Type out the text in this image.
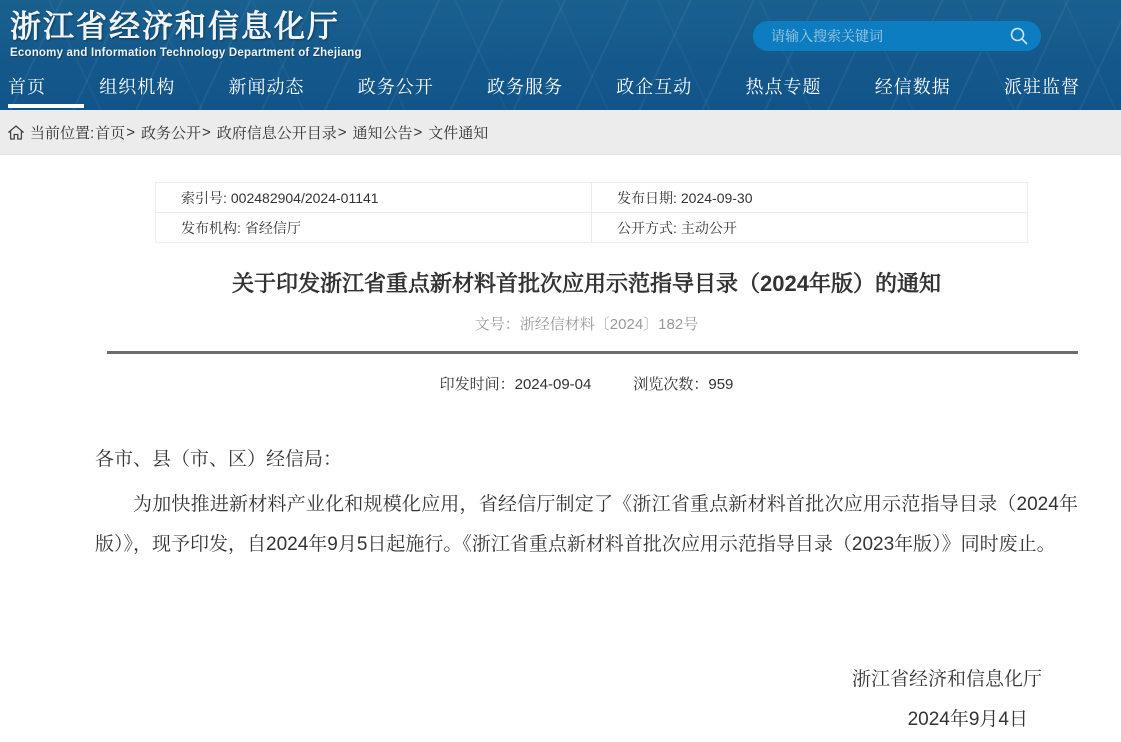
浙江省经济和信息化厅
Economy and Information Technology Department of Zhejiang
请输入搜索关键词
首页	组织机构	新闻动态	政务公开	政务服务	政企互动	热点专题	经信数据	派驻监督
当前位置: 首页 > 政务公开 > 政府信息公开目录 > 通知公告 > 文件通知
索引号: 002482904/2024-01141	发布日期: 2024-09-30
发布机构: 省经信厅	公开方式: 主动公开
关于印发浙江省重点新材料首批次应用示范指导目录（2024年版）的通知
文号：浙经信材料〔2024〕182号
印发时间：2024-09-04	浏览次数：959

各市、县（市、区）经信局：

为加快推进新材料产业化和规模化应用，省经信厅制定了《浙江省重点新材料首批次应用示范指导目录（2024年版）》，现予印发，自2024年9月5日起施行。《浙江省重点新材料首批次应用示范指导目录（2023年版）》同时废止。

浙江省经济和信息化厅
2024年9月4日
